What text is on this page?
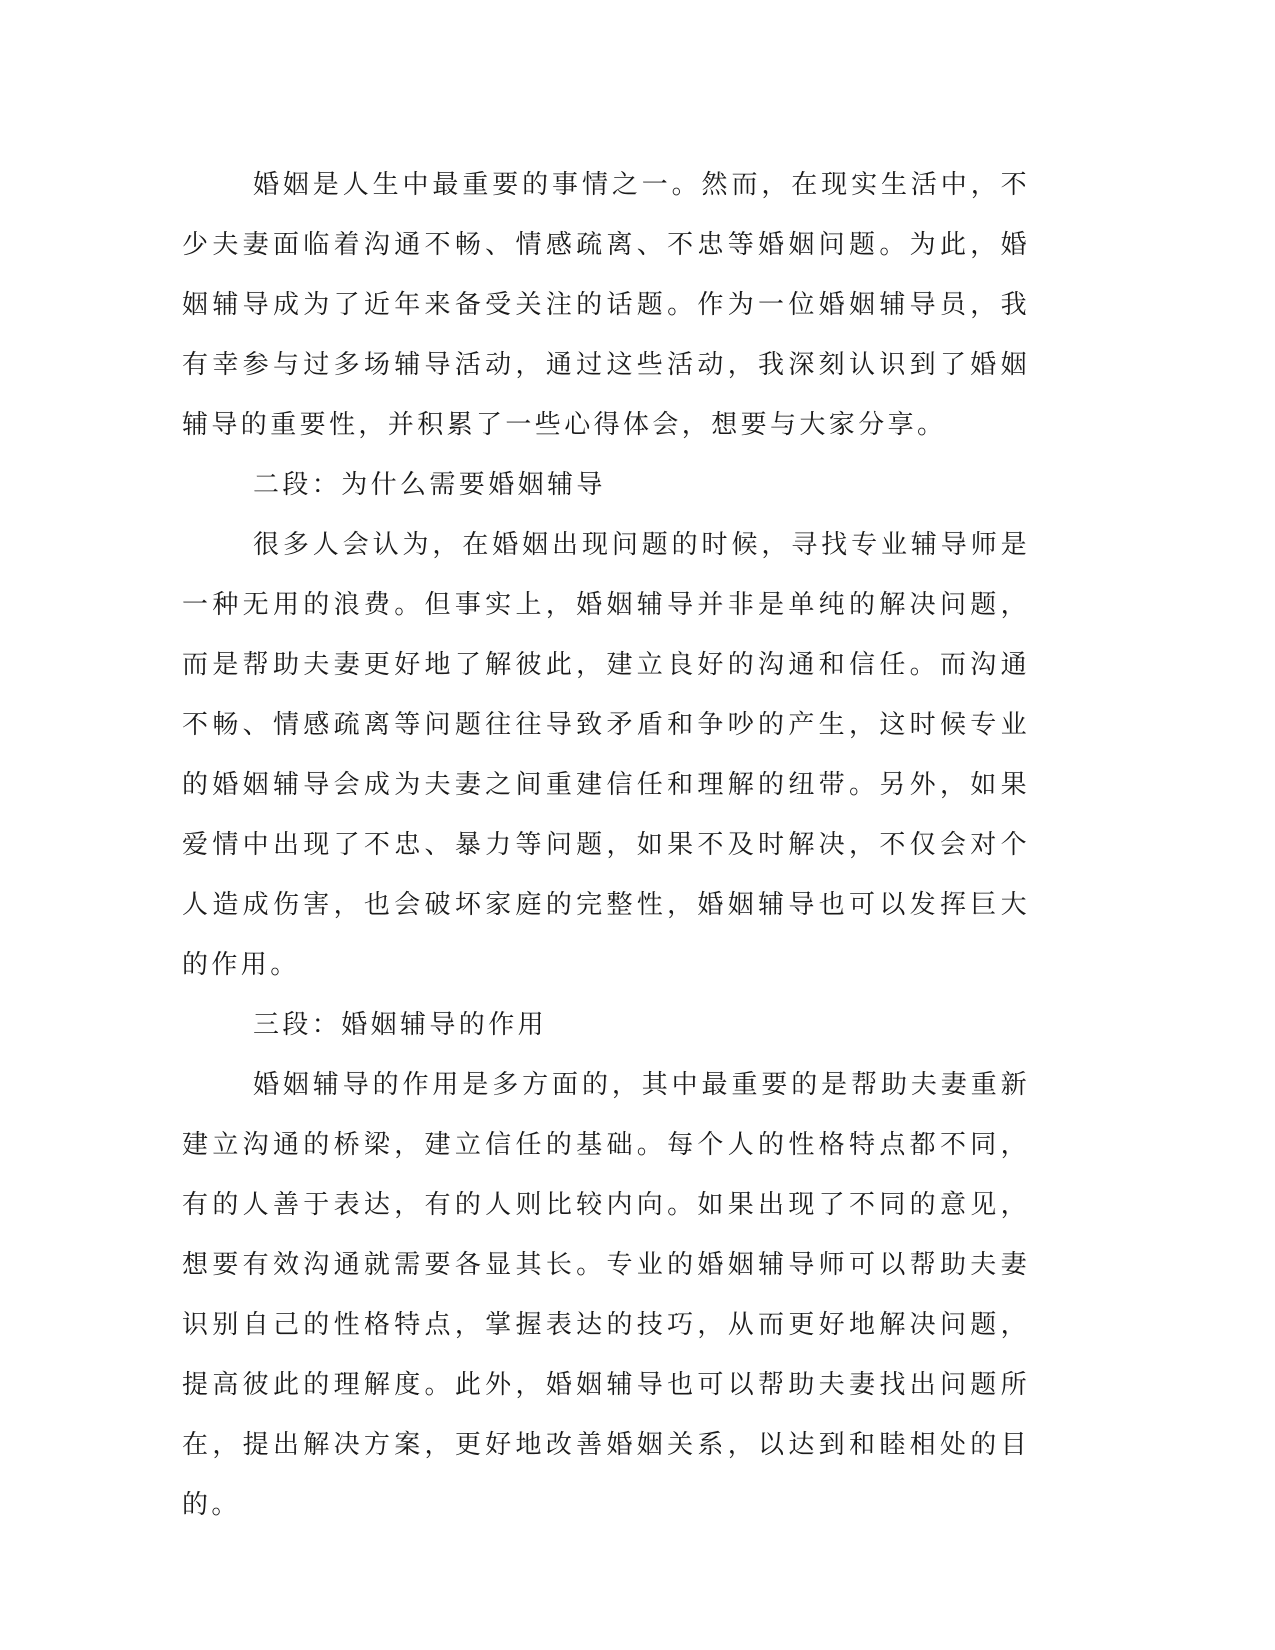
婚姻是人生中最重要的事情之一。然而，在现实生活中，不少夫妻面临着沟通不畅、情感疏离、不忠等婚姻问题。为此，婚姻辅导成为了近年来备受关注的话题。作为一位婚姻辅导员，我有幸参与过多场辅导活动，通过这些活动，我深刻认识到了婚姻辅导的重要性，并积累了一些心得体会，想要与大家分享。

二段：为什么需要婚姻辅导

很多人会认为，在婚姻出现问题的时候，寻找专业辅导师是一种无用的浪费。但事实上，婚姻辅导并非是单纯的解决问题，而是帮助夫妻更好地了解彼此，建立良好的沟通和信任。而沟通不畅、情感疏离等问题往往导致矛盾和争吵的产生，这时候专业的婚姻辅导会成为夫妻之间重建信任和理解的纽带。另外，如果爱情中出现了不忠、暴力等问题，如果不及时解决，不仅会对个人造成伤害，也会破坏家庭的完整性，婚姻辅导也可以发挥巨大的作用。

三段：婚姻辅导的作用

婚姻辅导的作用是多方面的，其中最重要的是帮助夫妻重新建立沟通的桥梁，建立信任的基础。每个人的性格特点都不同，有的人善于表达，有的人则比较内向。如果出现了不同的意见，想要有效沟通就需要各显其长。专业的婚姻辅导师可以帮助夫妻识别自己的性格特点，掌握表达的技巧，从而更好地解决问题，提高彼此的理解度。此外，婚姻辅导也可以帮助夫妻找出问题所在，提出解决方案，更好地改善婚姻关系，以达到和睦相处的目的。
